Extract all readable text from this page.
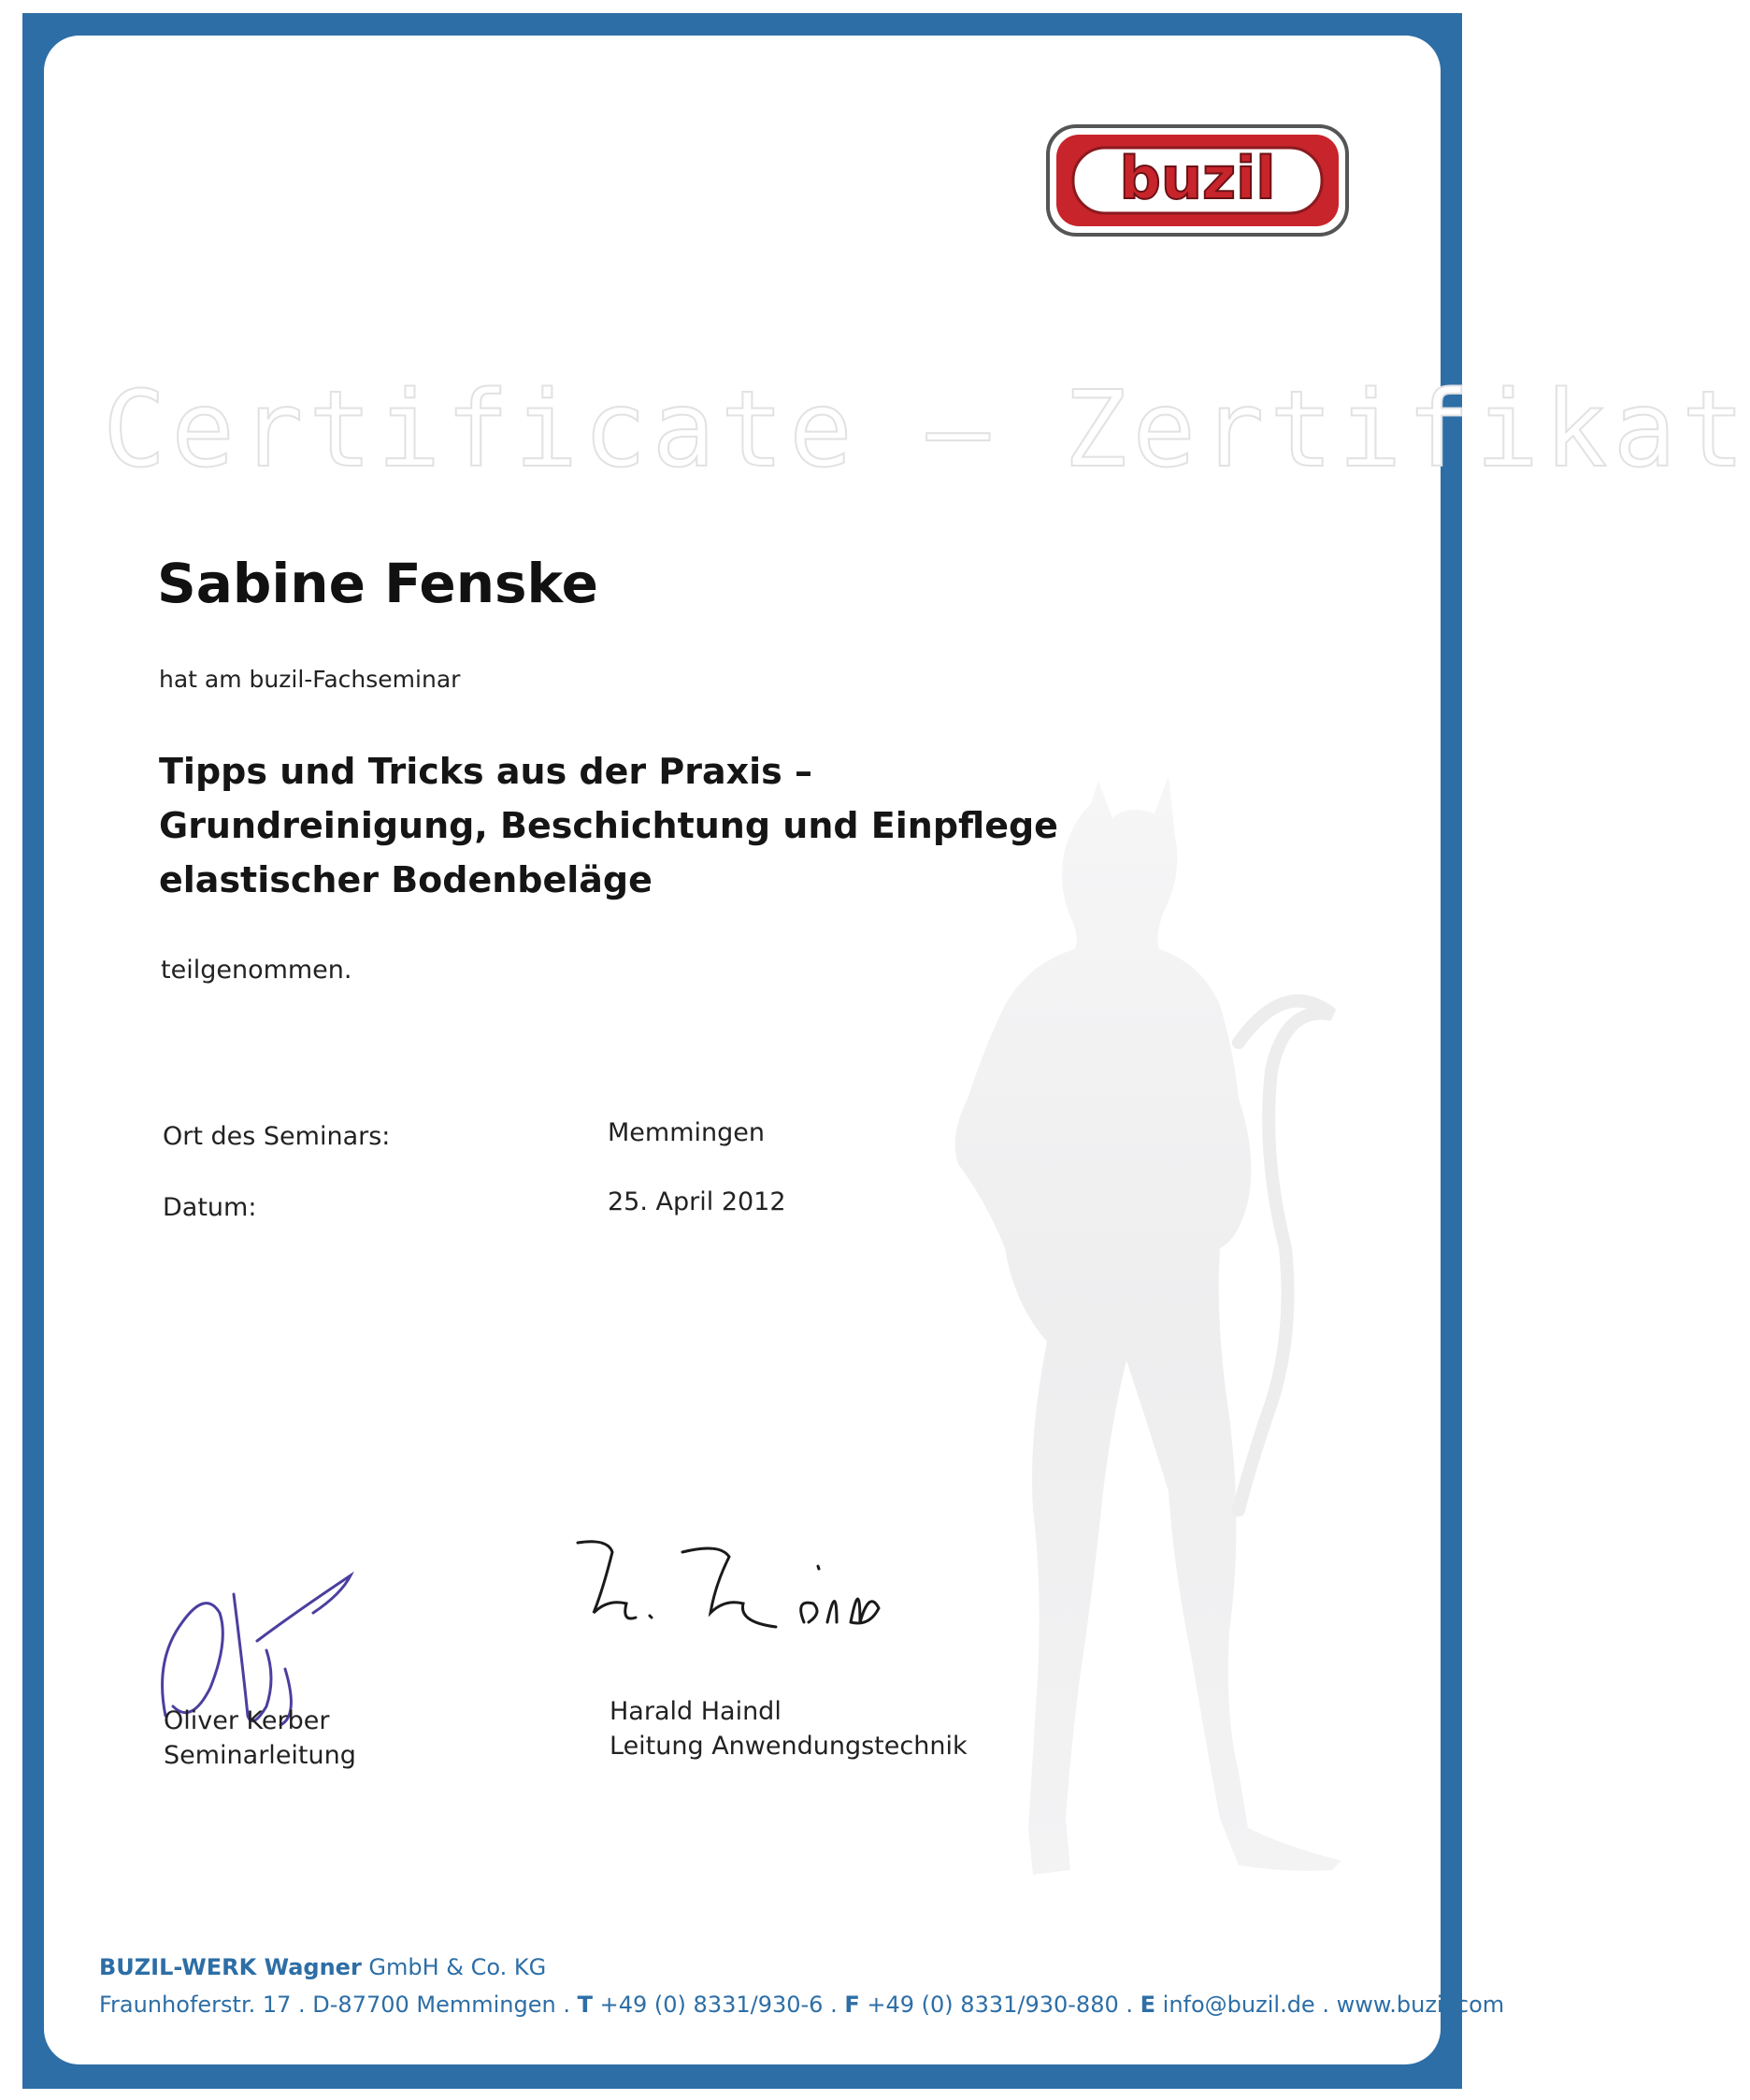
buzil
Certificate – Zertifikat
Sabine Fenske
hat am buzil-Fachseminar
Tipps und Tricks aus der Praxis –
Grundreinigung, Beschichtung und Einpflege
elastischer Bodenbeläge
teilgenommen.
Ort des Seminars:	Memmingen
Datum:	25. April 2012
Oliver Kerber
Seminarleitung
Harald Haindl
Leitung Anwendungstechnik
BUZIL-WERK Wagner GmbH & Co. KG
Fraunhoferstr. 17 . D-87700 Memmingen . T +49 (0) 8331/930-6 . F +49 (0) 8331/930-880 . E info@buzil.de . www.buzil.com
